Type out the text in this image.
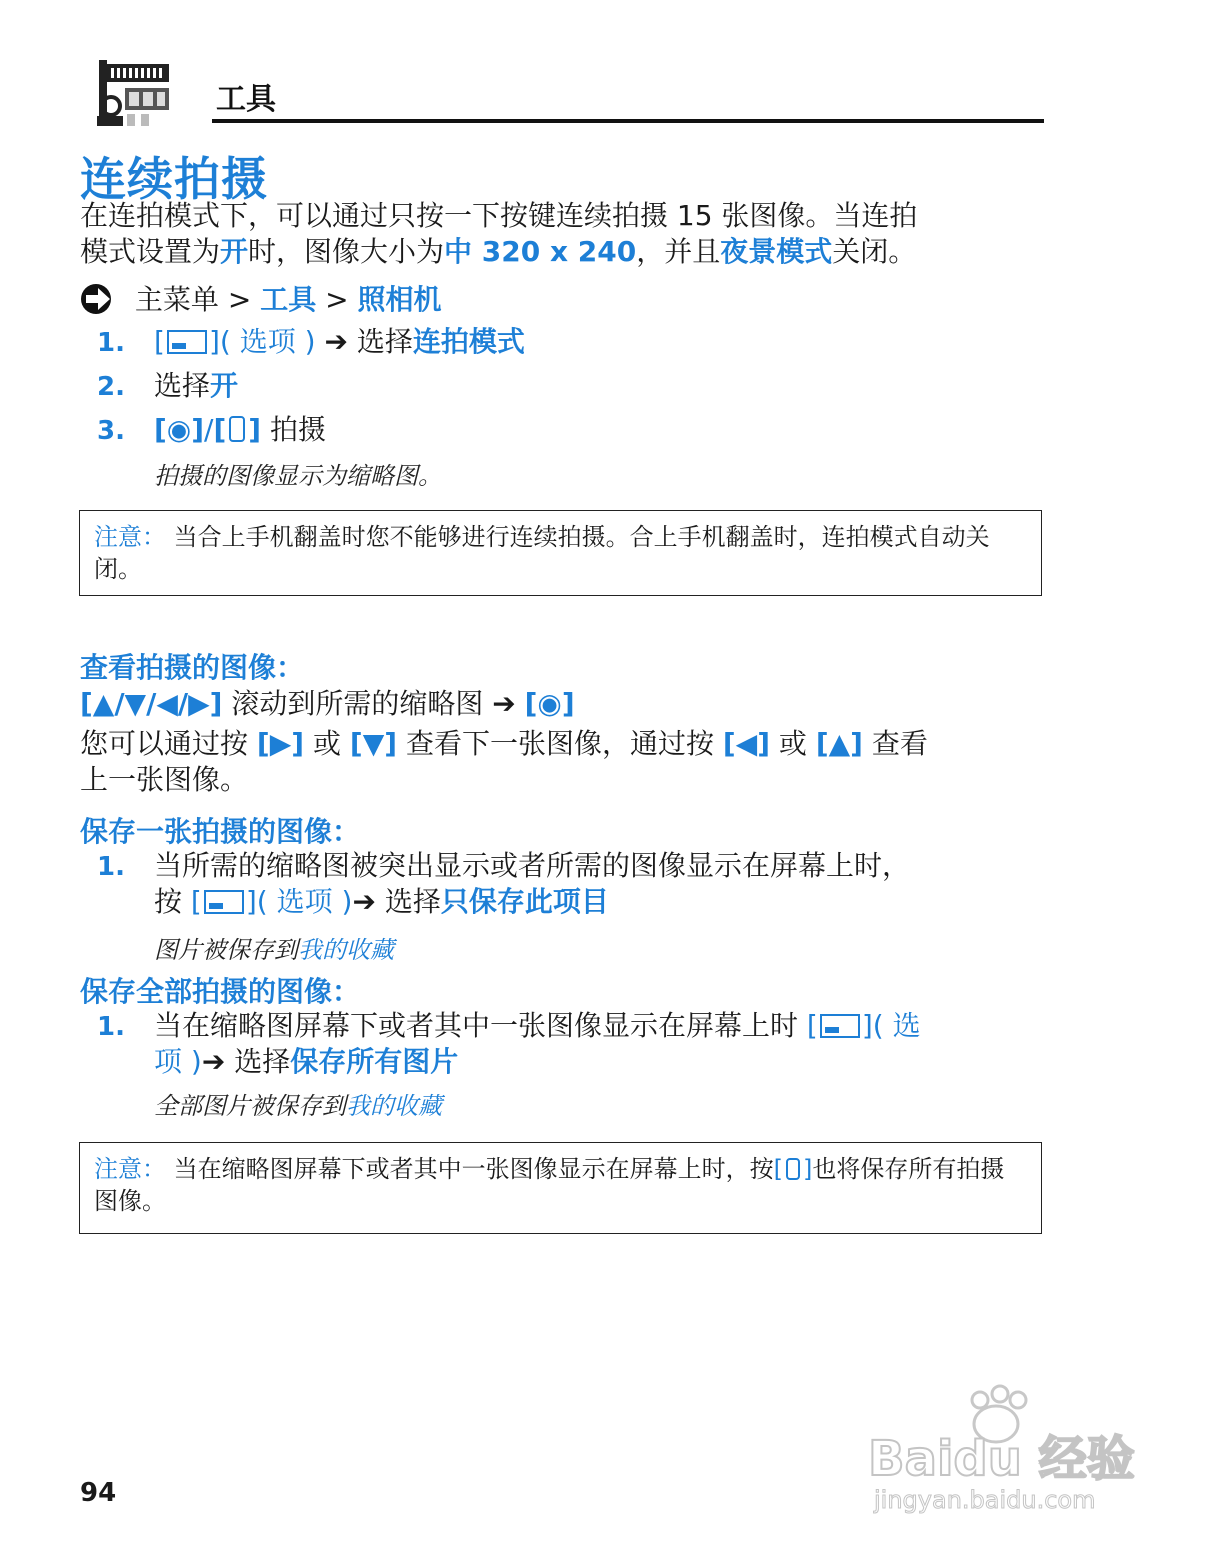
工具
连续拍摄
在连拍模式下，可以通过只按一下按键连续拍摄 15 张图像。当连拍
模式设置为开时，图像大小为中 320 x 240，并且夜景模式关闭。
主菜单 > 工具 > 照相机
1. [ ]( 选项 ) ➔ 选择连拍模式
2. 选择开
3. [◉]/[ ] 拍摄
拍摄的图像显示为缩略图。
注意： 当合上手机翻盖时您不能够进行连续拍摄。合上手机翻盖时，连拍模式自动关闭。
查看拍摄的图像：
[▲/▼/◀/▶] 滚动到所需的缩略图 ➔ [◉]
您可以通过按 [▶] 或 [▼] 查看下一张图像，通过按 [◀] 或 [▲] 查看
上一张图像。
保存一张拍摄的图像：
1. 当所需的缩略图被突出显示或者所需的图像显示在屏幕上时，
按 [ ]( 选项 )➔ 选择只保存此项目
图片被保存到我的收藏
保存全部拍摄的图像：
1. 当在缩略图屏幕下或者其中一张图像显示在屏幕上时 [ ]( 选
项 )➔ 选择保存所有图片
全部图片被保存到我的收藏
注意： 当在缩略图屏幕下或者其中一张图像显示在屏幕上时，按[ ]也将保存所有拍摄图像。
94
Baidu 经验
jingyan.baidu.com
